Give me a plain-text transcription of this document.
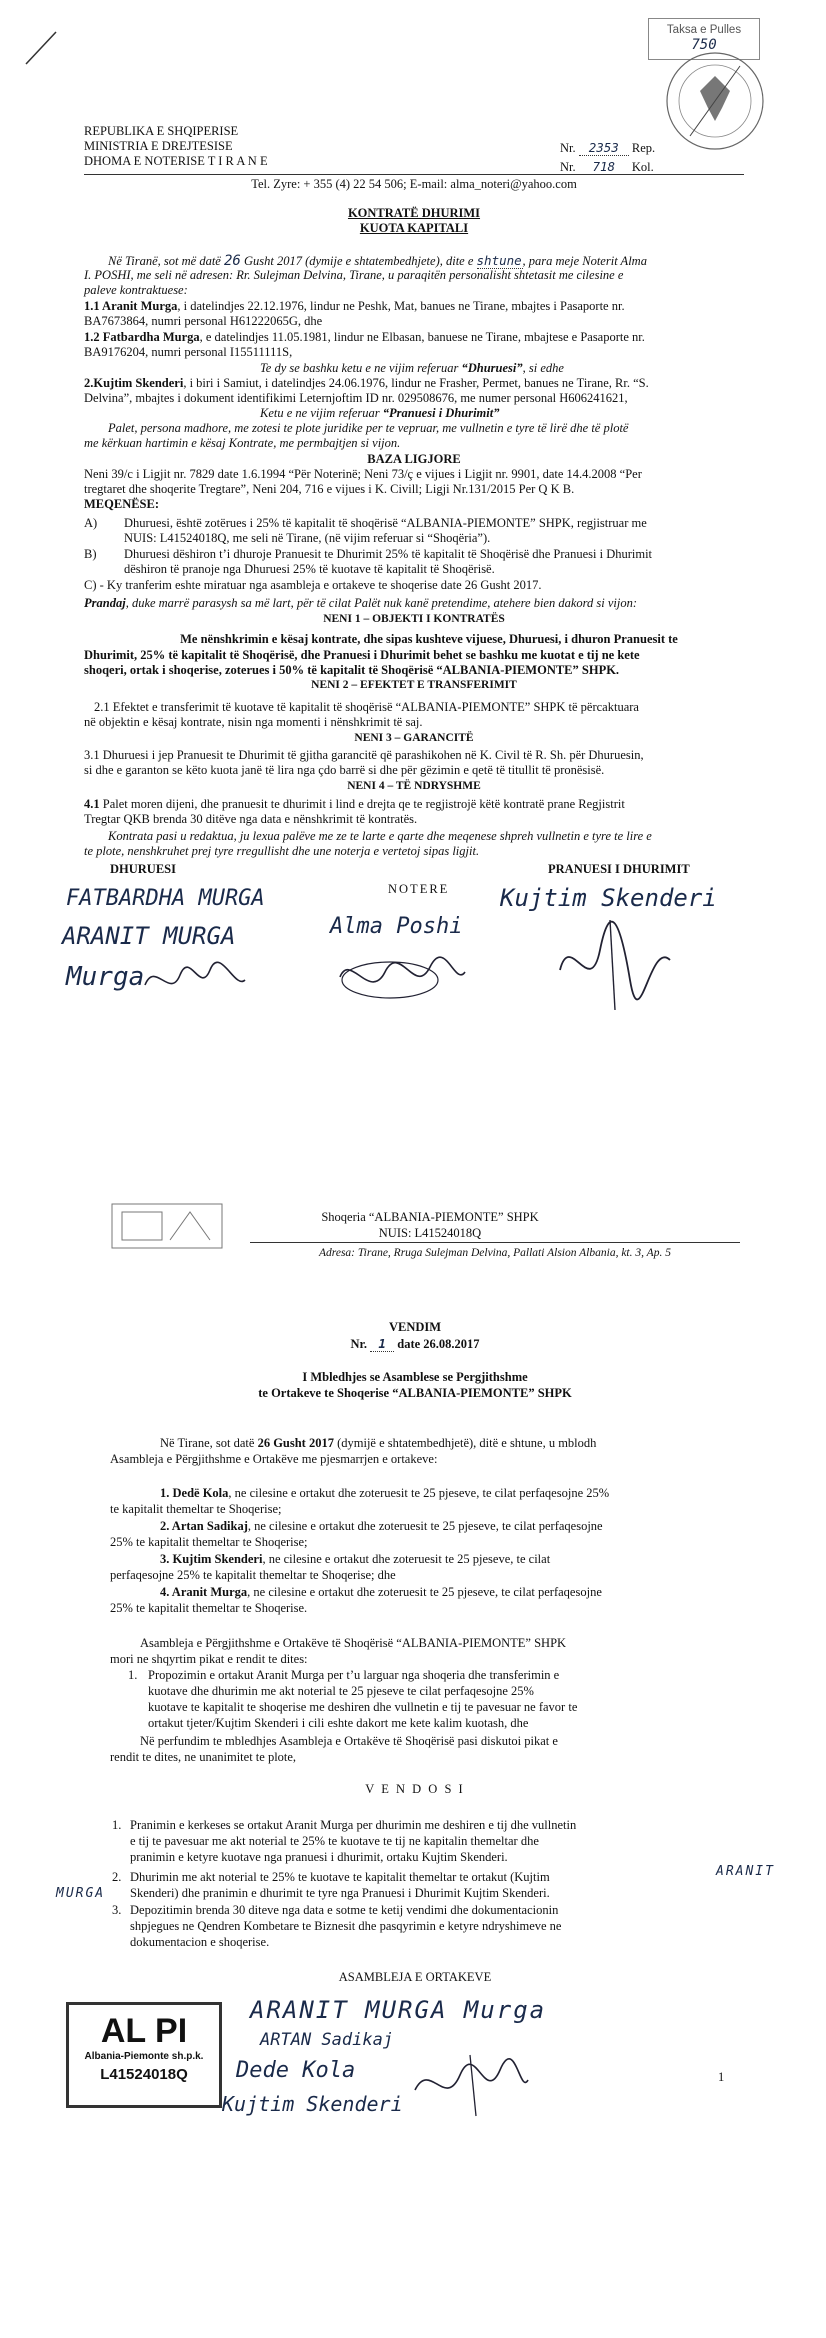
Taksa e Pulles
750
REPUBLIKA E SHQIPERISE
MINISTRIA E DREJTESISE
DHOMA E NOTERISE T I R A N E
Nr. 2353 Rep.
Nr. 718 Kol.
Tel. Zyre: + 355 (4) 22 54 506; E-mail: alma_noteri@yahoo.com
KONTRATË DHURIMI
KUOTA KAPITALI
Në Tiranë, sot më datë 26 Gusht 2017 (dymije e shtatembedhjete), dite e shtune, para meje Noterit Alma
I. POSHI, me seli në adresen: Rr. Sulejman Delvina, Tirane, u paraqitën personalisht shtetasit me cilesine e
paleve kontraktuese:
1.1 Aranit Murga, i datelindjes 22.12.1976, lindur ne Peshk, Mat, banues ne Tirane, mbajtes i Pasaporte nr.
BA7673864, numri personal H61222065G, dhe
1.2 Fatbardha Murga, e datelindjes 11.05.1981, lindur ne Elbasan, banuese ne Tirane, mbajtese e Pasaporte nr.
BA9176204, numri personal I15511111S,
Te dy se bashku ketu e ne vijim referuar “Dhuruesi”, si edhe
2.Kujtim Skenderi, i biri i Samiut, i datelindjes 24.06.1976, lindur ne Frasher, Permet, banues ne Tirane, Rr. “S.
Delvina”, mbajtes i dokument identifikimi Leternjoftim ID nr. 029508676, me numer personal H606241621,
Ketu e ne vijim referuar “Pranuesi i Dhurimit”
Palet, persona madhore, me zotesi te plote juridike per te vepruar, me vullnetin e tyre të lirë dhe të plotë
me kërkuan hartimin e kësaj Kontrate, me permbajtjen si vijon.
BAZA LIGJORE
Neni 39/c i Ligjit nr. 7829 date 1.6.1994 “Për Noterinë; Neni 73/ç e vijues i Ligjit nr. 9901, date 14.4.2008 “Per
tregtaret dhe shoqerite Tregtare”, Neni 204, 716 e vijues i K. Civill; Ligji Nr.131/2015 Per Q K B.
MEQENËSE:
A) Dhuruesi, është zotërues i 25% të kapitalit të shoqërisë “ALBANIA-PIEMONTE” SHPK, regjistruar me
NUIS: L41524018Q, me seli në Tirane, (në vijim referuar si “Shoqëria”).
B) Dhuruesi dëshiron t’i dhuroje Pranuesit te Dhurimit 25% të kapitalit të Shoqërisë dhe Pranuesi i Dhurimit
dëshiron të pranoje nga Dhuruesi 25% të kuotave të kapitalit të Shoqërisë.
C) - Ky tranferim eshte miratuar nga asambleja e ortakeve te shoqerise date 26 Gusht 2017.
Prandaj, duke marrë parasysh sa më lart, për të cilat Palët nuk kanë pretendime, atehere bien dakord si vijon:
NENI 1 – OBJEKTI I KONTRATËS
Me nënshkrimin e kësaj kontrate, dhe sipas kushteve vijuese, Dhuruesi, i dhuron Pranuesit te
Dhurimit, 25% të kapitalit të Shoqërisë, dhe Pranuesi i Dhurimit behet se bashku me kuotat e tij ne kete
shoqeri, ortak i shoqerise, zoterues i 50% të kapitalit të Shoqërisë “ALBANIA-PIEMONTE” SHPK.
NENI 2 – EFEKTET E TRANSFERIMIT
2.1 Efektet e transferimit të kuotave të kapitalit të shoqërisë “ALBANIA-PIEMONTE” SHPK të përcaktuara
në objektin e kësaj kontrate, nisin nga momenti i nënshkrimit të saj.
NENI 3 – GARANCITË
3.1 Dhuruesi i jep Pranuesit te Dhurimit të gjitha garancitë që parashikohen në K. Civil të R. Sh. për Dhuruesin,
si dhe e garanton se këto kuota janë të lira nga çdo barrë si dhe për gëzimin e qetë të titullit të pronësisë.
NENI 4 – TË NDRYSHME
4.1 Palet moren dijeni, dhe pranuesit te dhurimit i lind e drejta qe te regjistrojë këtë kontratë prane Regjistrit
Tregtar QKB brenda 30 ditëve nga data e nënshkrimit të kontratës.
Kontrata pasi u redaktua, ju lexua palëve me ze te larte e qarte dhe meqenese shpreh vullnetin e tyre te lire e
te plote, nenshkruhet prej tyre rregullisht dhe une noterja e vertetoj sipas ligjit.
DHURUESI	PRANUESI I DHURIMIT
NOTERE
FATBARDHA MURGA
ARANIT MURGA	Alma Poshi
Kujtim Skenderi
Murga
Shoqeria “ALBANIA-PIEMONTE” SHPK
NUIS: L41524018Q
Adresa: Tirane, Rruga Sulejman Delvina, Pallati Alsion Albania, kt. 3, Ap. 5
VENDIM
Nr. 1 date 26.08.2017
I Mbledhjes se Asamblese se Pergjithshme
te Ortakeve te Shoqerise “ALBANIA-PIEMONTE” SHPK
Në Tirane, sot datë 26 Gusht 2017 (dymijë e shtatembedhjetë), ditë e shtune, u mblodh
Asambleja e Përgjithshme e Ortakëve me pjesmarrjen e ortakeve:
1. Dedë Kola, ne cilesine e ortakut dhe zoteruesit te 25 pjeseve, te cilat perfaqesojne 25%
te kapitalit themeltar te Shoqerise;
2. Artan Sadikaj, ne cilesine e ortakut dhe zoteruesit te 25 pjeseve, te cilat perfaqesojne
25% te kapitalit themeltar te Shoqerise;
3. Kujtim Skenderi, ne cilesine e ortakut dhe zoteruesit te 25 pjeseve, te cilat
perfaqesojne 25% te kapitalit themeltar te Shoqerise; dhe
4. Aranit Murga, ne cilesine e ortakut dhe zoteruesit te 25 pjeseve, te cilat perfaqesojne
25% te kapitalit themeltar te Shoqerise.
Asambleja e Përgjithshme e Ortakëve të Shoqërisë “ALBANIA-PIEMONTE” SHPK
mori ne shqyrtim pikat e rendit te dites:
1. Propozimin e ortakut Aranit Murga per t’u larguar nga shoqeria dhe transferimin e
kuotave dhe dhurimin me akt noterial te 25 pjeseve te cilat perfaqesojne 25%
kuotave te kapitalit te shoqerise me deshiren dhe vullnetin e tij te pavesuar ne favor te
ortakut tjeter/Kujtim Skenderi i cili eshte dakort me kete kalim kuotash, dhe
Në perfundim te mbledhjes Asambleja e Ortakëve të Shoqërisë pasi diskutoi pikat e
rendit te dites, ne unanimitet te plote,
V E N D O S I
1. Pranimin e kerkeses se ortakut Aranit Murga per dhurimin me deshiren e tij dhe vullnetin
e tij te pavesuar me akt noterial te 25% te kuotave te tij ne kapitalin themeltar dhe
pranimin e ketyre kuotave nga pranuesi i dhurimit, ortaku Kujtim Skenderi.
2. Dhurimin me akt noterial te 25% te kuotave te kapitalit themeltar te ortakut (Kujtim
Skenderi) dhe pranimin e dhurimit te tyre nga Pranuesi i Dhurimit Kujtim Skenderi.
3. Depozitimin brenda 30 diteve nga data e sotme te ketij vendimi dhe dokumentacionin
shpjegues ne Qendren Kombetare te Biznesit dhe pasqyrimin e ketyre ndryshimeve ne
dokumentacion e shoqerise.
ARANIT
MURGA
ASAMBLEJA E ORTAKEVE
AL PI
Albania-Piemonte sh.p.k.
L41524018Q
ARANIT MURGA Murga
ARTAN Sadikaj
Dede Kola
Kujtim Skenderi
1
